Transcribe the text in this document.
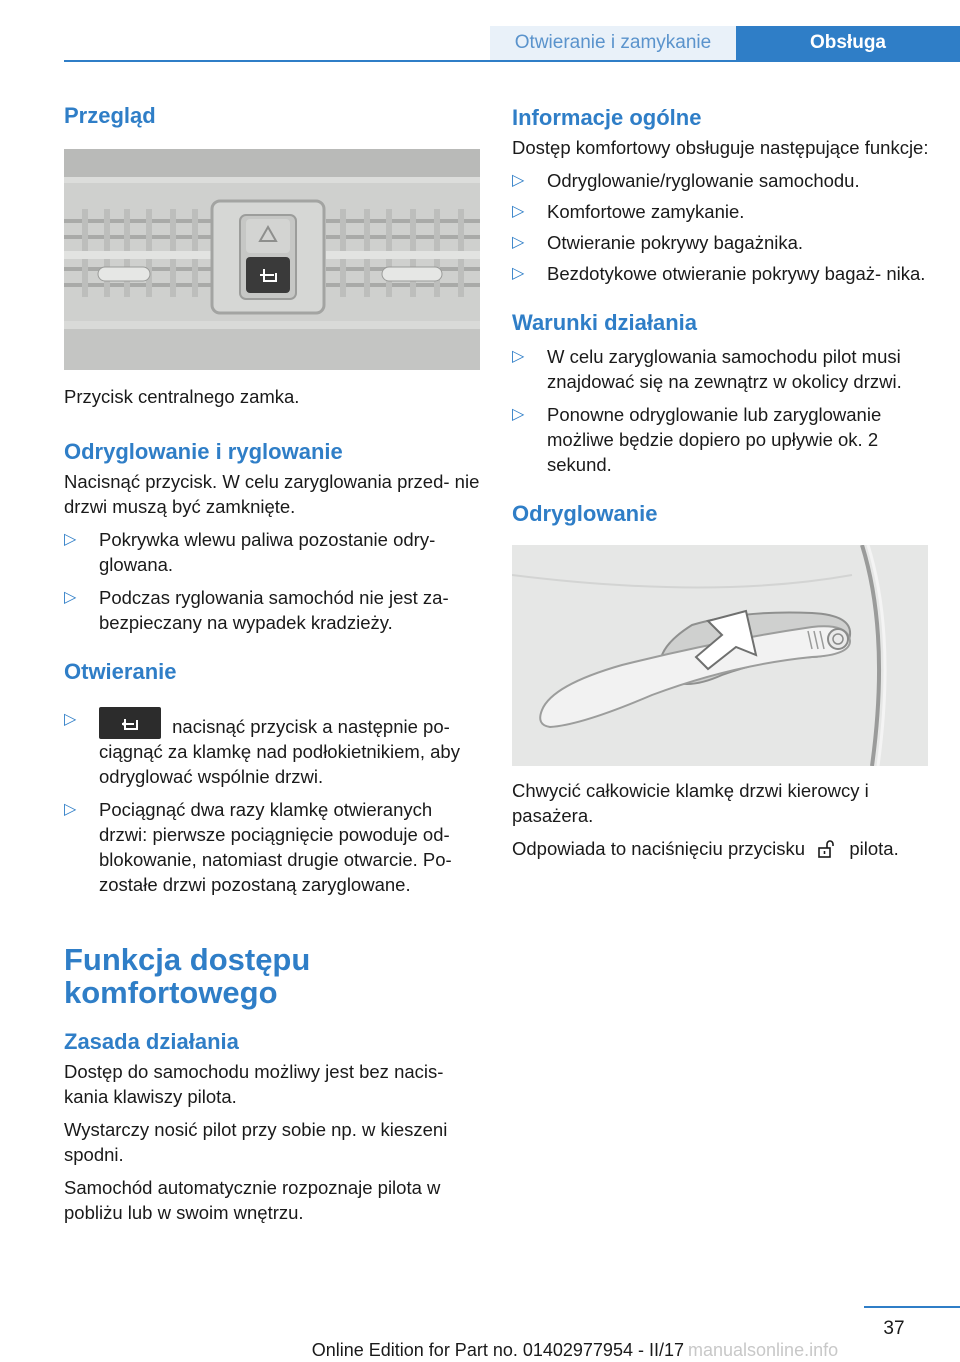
Otwieranie i zamykanie	Obsługa
Przegląd
Przycisk centralnego zamka.
Odryglowanie i ryglowanie
Nacisnąć przycisk. W celu zaryglowania przed- nie drzwi muszą być zamknięte.
▷ Pokrywka wlewu paliwa pozostanie odry- glowana.
▷ Podczas ryglowania samochód nie jest za- bezpieczany na wypadek kradzieży.
Otwieranie
▷	nacisnąć przycisk a następnie po- ciągnąć za klamkę nad podłokietnikiem, aby odryglować wspólnie drzwi.
▷ Pociągnąć dwa razy klamkę otwieranych drzwi: pierwsze pociągnięcie powoduje od- blokowanie, natomiast drugie otwarcie. Po- zostałe drzwi pozostaną zaryglowane.
Funkcja dostępu
komfortowego
Zasada działania
Dostęp do samochodu możliwy jest bez nacis- kania klawiszy pilota.
Wystarczy nosić pilot przy sobie np. w kieszeni spodni.
Samochód automatycznie rozpoznaje pilota w pobliżu lub w swoim wnętrzu.
Informacje ogólne
Dostęp komfortowy obsługuje następujące funkcje:
▷ Odryglowanie/ryglowanie samochodu.
▷ Komfortowe zamykanie.
▷ Otwieranie pokrywy bagażnika.
▷ Bezdotykowe otwieranie pokrywy bagaż- nika.
Warunki działania
▷ W celu zaryglowania samochodu pilot musi znajdować się na zewnątrz w okolicy drzwi.
▷ Ponowne odryglowanie lub zaryglowanie możliwe będzie dopiero po upływie ok. 2 sekund.
Odryglowanie
Chwycić całkowicie klamkę drzwi kierowcy i pasażera.
Odpowiada to naciśnięciu przycisku pilota.
37
Online Edition for Part no. 01402977954 - II/17 manualsonline.info
